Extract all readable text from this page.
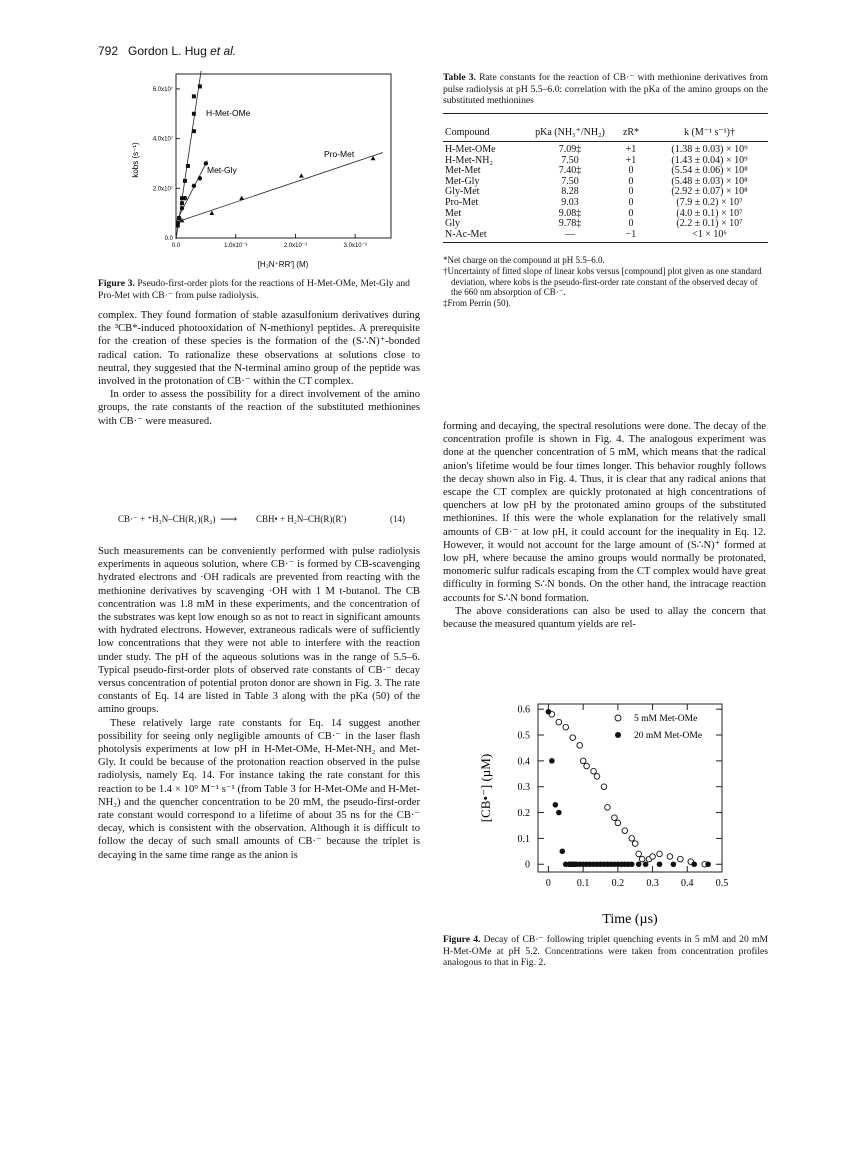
792 Gordon L. Hug et al.
0.0
2.0x10⁷
4.0x10⁷
6.0x10⁷
0.0	1.0x10⁻³	2.0x10⁻³	3.0x10⁻³
kobs (s⁻¹)
[H₂N⁺RR′] (M)
H-Met-OMe
Met-Gly
Pro-Met
Figure 3. Pseudo-first-order plots for the reactions of H-Met-OMe, Met-Gly and Pro-Met with CB·⁻ from pulse radiolysis.

complex. They found formation of stable azasulfonium derivatives during the ³CB*-induced photooxidation of N-methionyl peptides. A prerequisite for the creation of these species is the formation of the (S∴N)⁺-bonded radical cation. To rationalize these observations at solutions close to neutral, they suggested that the N-terminal amino group of the peptide was involved in the protonation of CB·⁻ within the CT complex.

In order to assess the possibility for a direct involvement of the amino groups, the rate constants of the reaction of the substituted methionines with CB·⁻ were measured.

CB·⁻ + ⁺H₃N–CH(R₁)(R₂) ⟶ CBH• + H₂N–CH(R)(R′)	(14)

Such measurements can be conveniently performed with pulse radiolysis experiments in aqueous solution, where CB·⁻ is formed by CB-scavenging hydrated electrons and ·OH radicals are prevented from reacting with the methionine derivatives by scavenging ·OH with 1 M t-butanol. The CB concentration was 1.8 mM in these experiments, and the concentration of the substrates was kept low enough so as not to react in significant amounts with hydrated electrons. However, extraneous radicals were of sufficiently low concentrations that they were not able to interfere with the reaction under study. The pH of the aqueous solutions was in the range of 5.5–6. Typical pseudo-first-order plots of observed rate constants of CB·⁻ decay versus concentration of potential proton donor are shown in Fig. 3. The rate constants of Eq. 14 are listed in Table 3 along with the pKa (50) of the amino groups.

These relatively large rate constants for Eq. 14 suggest another possibility for seeing only negligible amounts of CB·⁻ in the laser flash photolysis experiments at low pH in H-Met-OMe, H-Met-NH₂ and Met-Gly. It could be because of the protonation reaction observed in the pulse radiolysis, namely Eq. 14. For instance taking the rate constant for this reaction to be 1.4 × 10⁹ M⁻¹ s⁻¹ (from Table 3 for H-Met-OMe and H-Met-NH₂) and the quencher concentration to be 20 mM, the pseudo-first-order rate constant would correspond to a lifetime of about 35 ns for the CB·⁻ decay, which is consistent with the observation. Although it is difficult to follow the decay of such small amounts of CB·⁻ because the triplet is decaying in the same time range as the anion is

Table 3. Rate constants for the reaction of CB·⁻ with methionine derivatives from pulse radiolysis at pH 5.5–6.0: correlation with the pKa of the amino groups on the substituted methionines
Compound	pKa (NH₃⁺/NH₂)	zR*	k (M⁻¹ s⁻¹)†
H-Met-OMe	7.09‡	+1	(1.38 ± 0.03) × 10⁹
H-Met-NH₂	7.50	+1	(1.43 ± 0.04) × 10⁹
Met-Met	7.40‡	0	(5.54 ± 0.06) × 10⁸
Met-Gly	7.50	0	(5.48 ± 0.03) × 10⁸
Gly-Met	8.28	0	(2.92 ± 0.07) × 10⁸
Pro-Met	9.03	0	(7.9 ± 0.2) × 10⁷
Met	9.08‡	0	(4.0 ± 0.1) × 10⁷
Gly	9.78‡	0	(2.2 ± 0.1) × 10⁷
N-Ac-Met	—	−1	<1 × 10⁶
*Net charge on the compound at pH 5.5–6.0.
†Uncertainty of fitted slope of linear kobs versus [compound] plot given as one standard deviation, where kobs is the pseudo-first-order rate constant of the observed decay of the 660 nm absorption of CB·⁻.
‡From Perrin (50).

forming and decaying, the spectral resolutions were done. The decay of the concentration profile is shown in Fig. 4. The analogous experiment was done at the quencher concentration of 5 mM, which means that the radical anion's lifetime would be four times longer. This behavior roughly follows the decay shown also in Fig. 4. Thus, it is clear that any radical anions that escape the CT complex are quickly protonated at high concentrations of quenchers at low pH by the protonated amino groups of the substituted methionines. If this were the whole explanation for the relatively small amounts of CB·⁻ at low pH, it could account for the inequality in Eq. 12. However, it would not account for the large amount of (S∴N)⁺ formed at low pH, where because the amino groups would normally be protonated, monomeric sulfur radicals escaping from the CT complex would have great difficulty in forming S∴N bonds. On the other hand, the intracage reaction accounts for S∴N bond formation.

The above considerations can also be used to allay the concern that because the measured quantum yields are rel-

0
0.1
0.2
0.3
0.4
0.5
0.6
0	0.1 0.2 0.3 0.4 0.5
5 mM Met-OMe
20 mM Met-OMe
[CB•⁻] (µM)
Time (µs)
Figure 4. Decay of CB·⁻ following triplet quenching events in 5 mM and 20 mM H-Met-OMe at pH 5.2. Concentrations were taken from concentration profiles analogous to that in Fig. 2.
